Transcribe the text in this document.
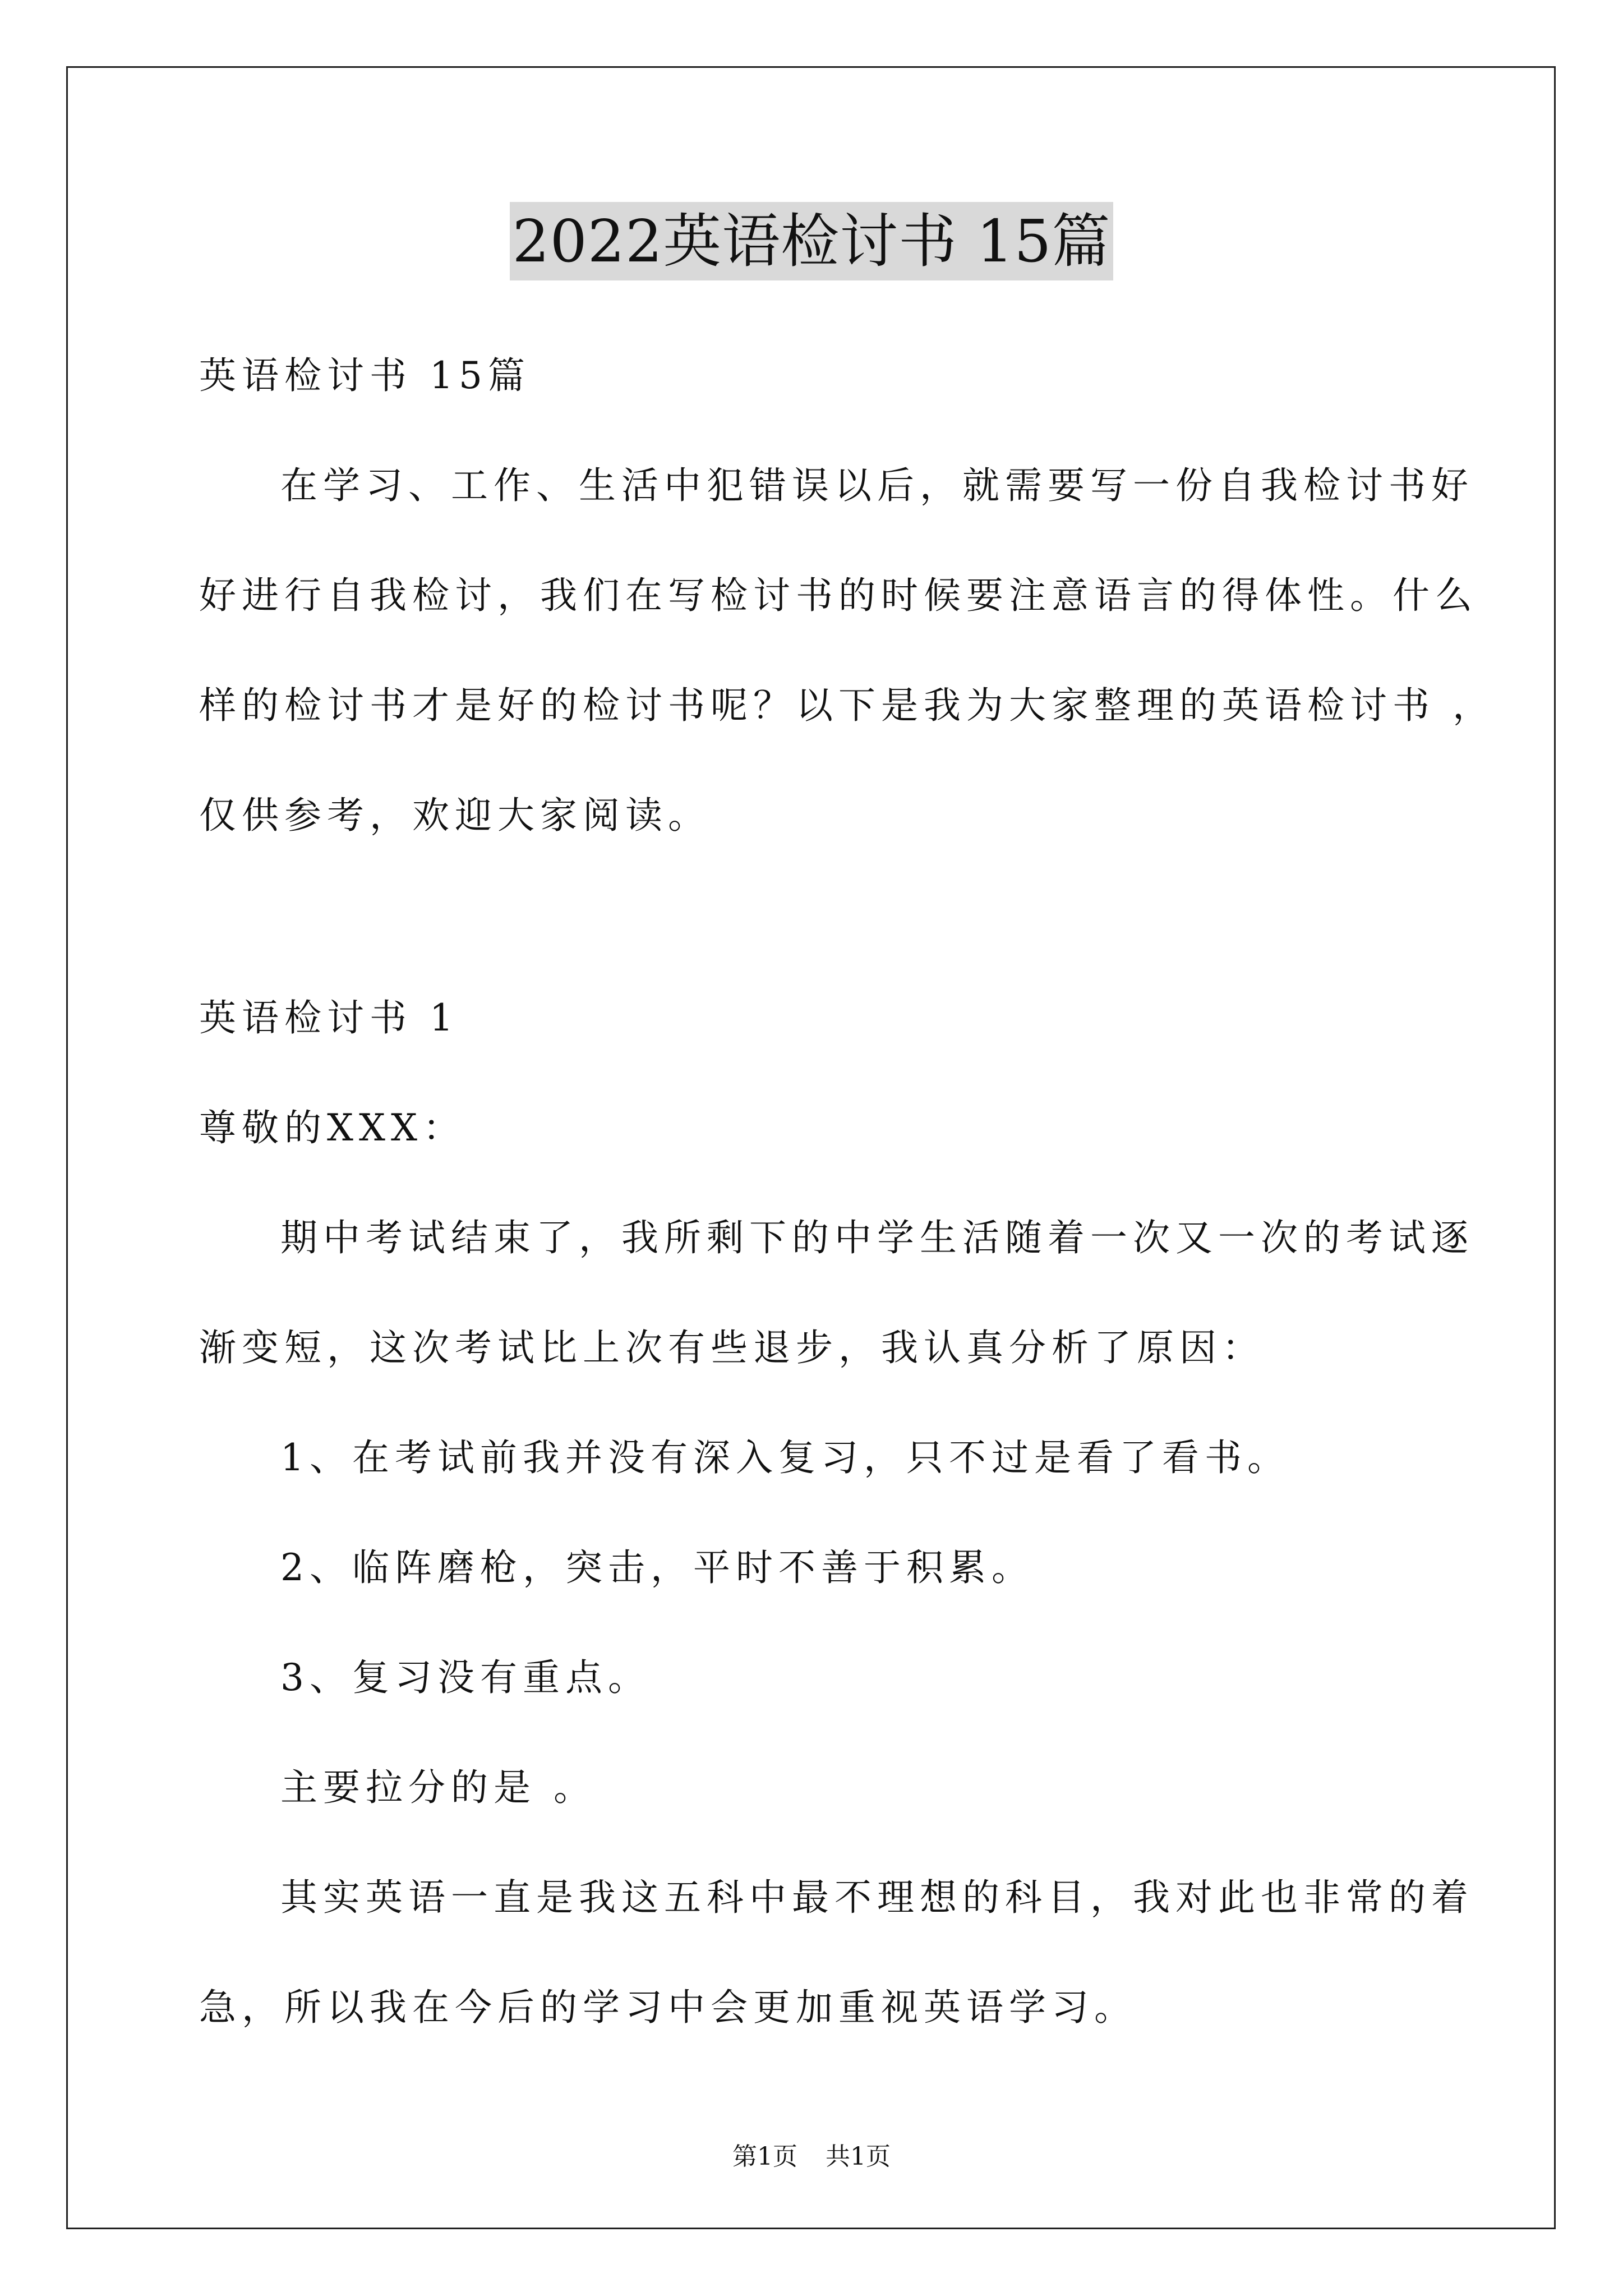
2022英语检讨书 15篇
英语检讨书 15篇
在学习、工作、生活中犯错误以后，就需要写一份自我检讨书好
好进行自我检讨，我们在写检讨书的时候要注意语言的得体性。什么
样的检讨书才是好的检讨书呢？以下是我为大家整理的英语检讨书 ，
仅供参考，欢迎大家阅读。
英语检讨书 1
尊敬的XXX：
期中考试结束了，我所剩下的中学生活随着一次又一次的考试逐
渐变短，这次考试比上次有些退步，我认真分析了原因：
1、在考试前我并没有深入复习，只不过是看了看书。
2、临阵磨枪，突击，平时不善于积累。
3、复习没有重点。
主要拉分的是 。
其实英语一直是我这五科中最不理想的科目，我对此也非常的着
急，所以我在今后的学习中会更加重视英语学习。
第1页 共1页
